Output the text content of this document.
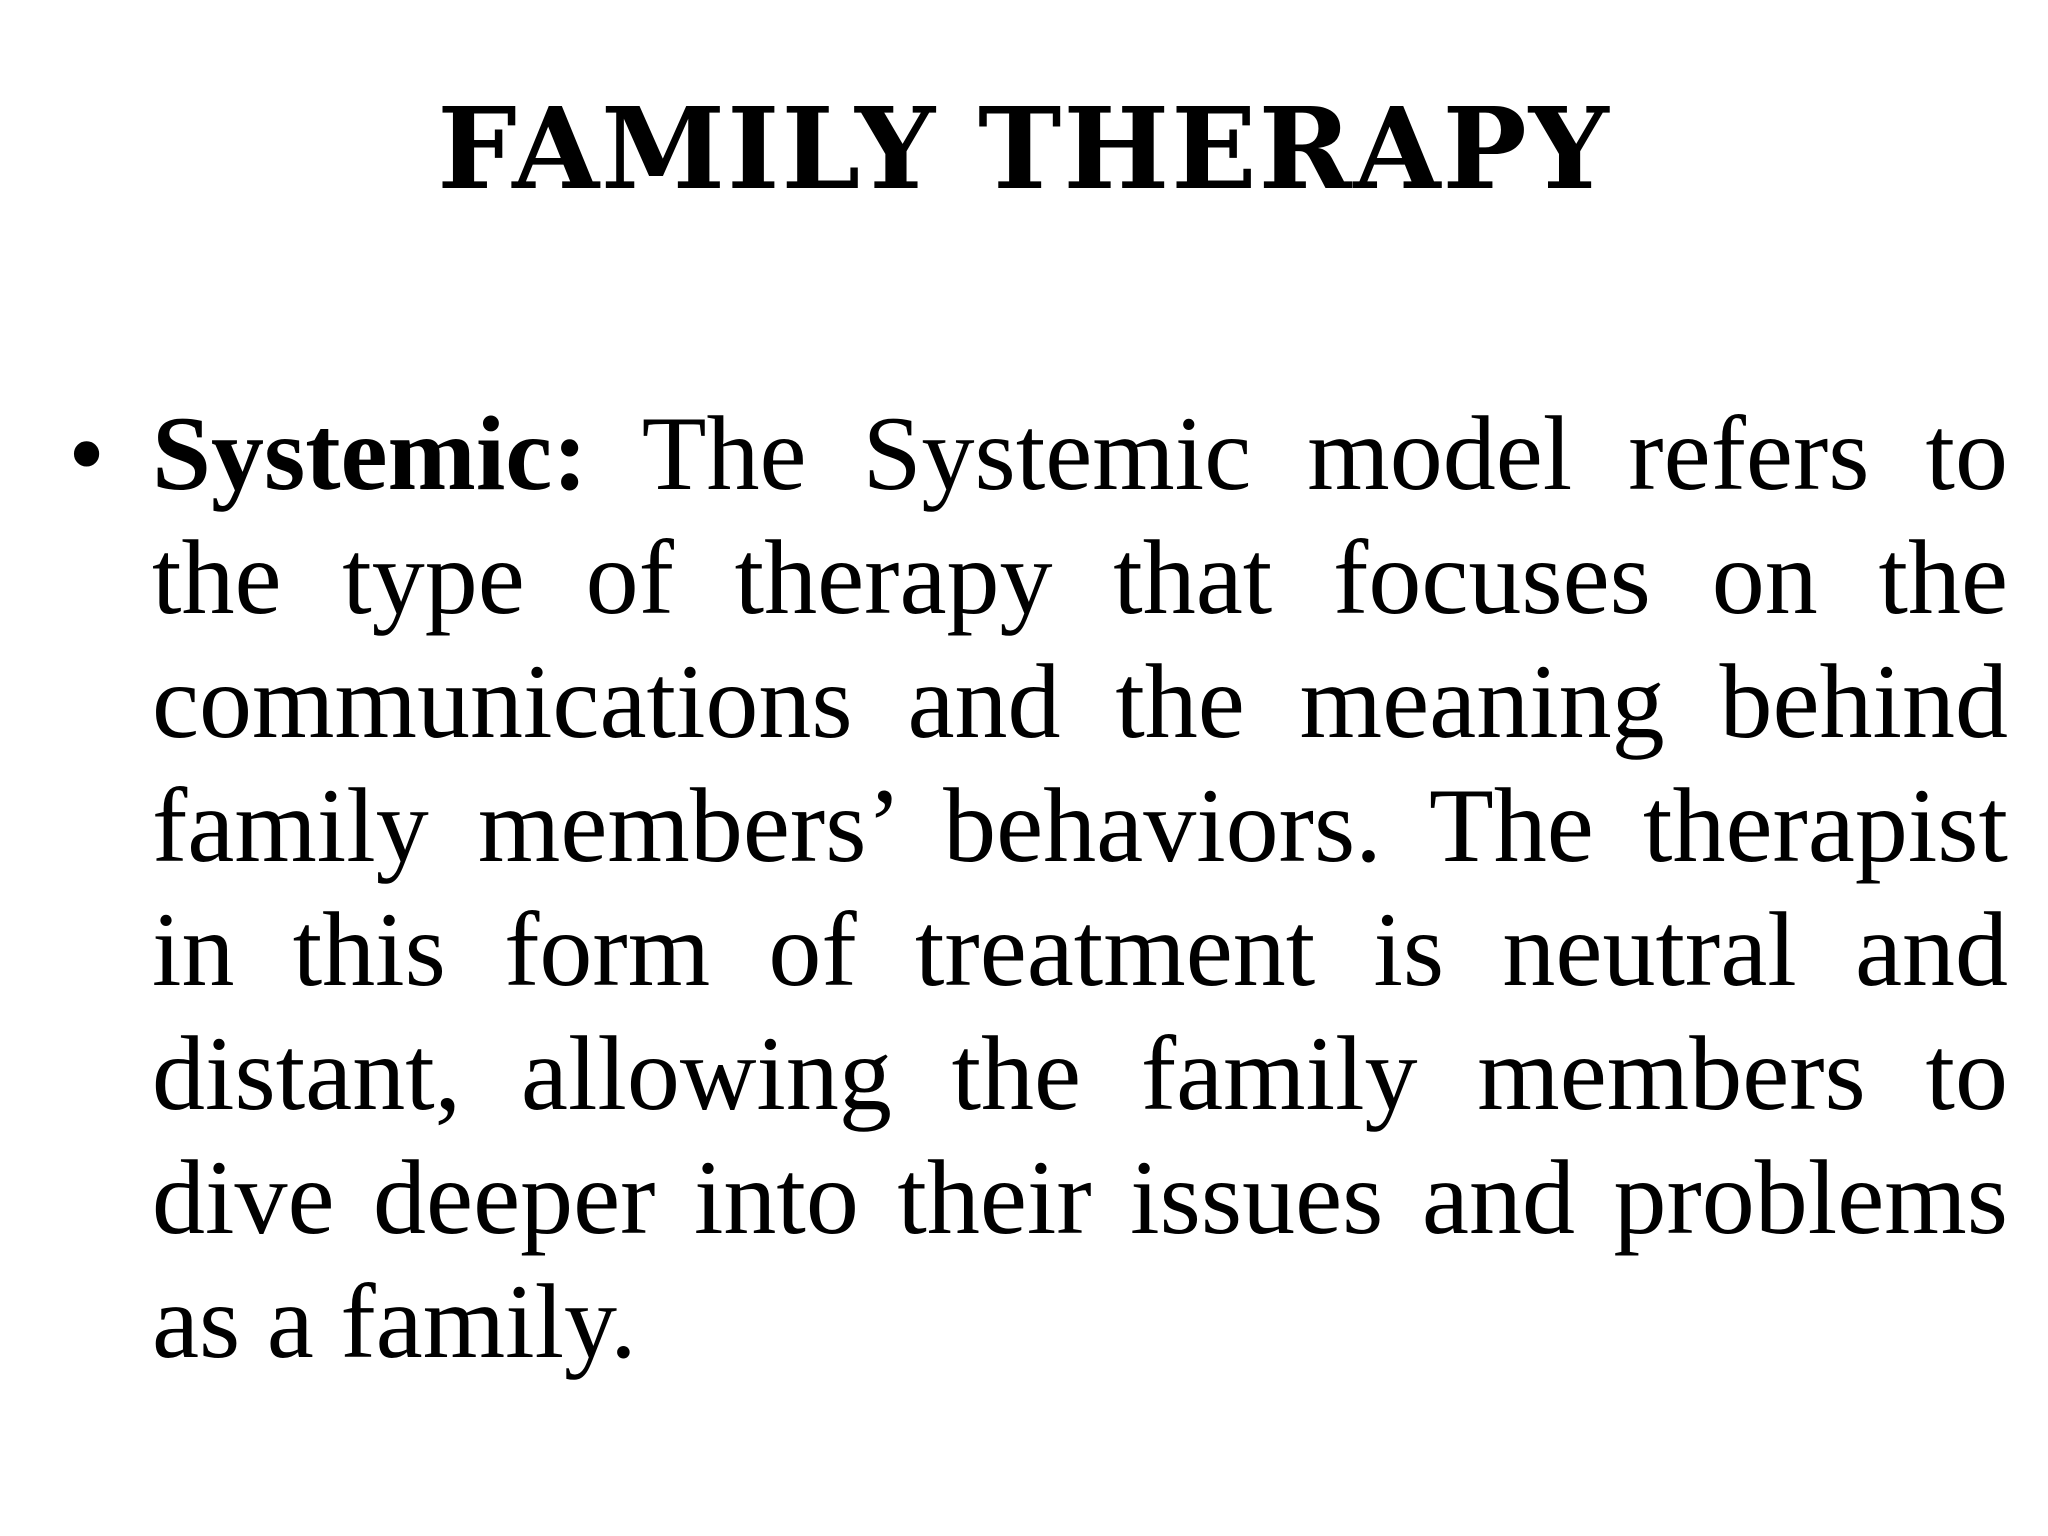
FAMILY THERAPY
• Systemic: The Systemic model refers to the type of therapy that focuses on the communications and the meaning behind family members’ behaviors. The therapist in this form of treatment is neutral and distant, allowing the family members to dive deeper into their issues and problems as a family.
